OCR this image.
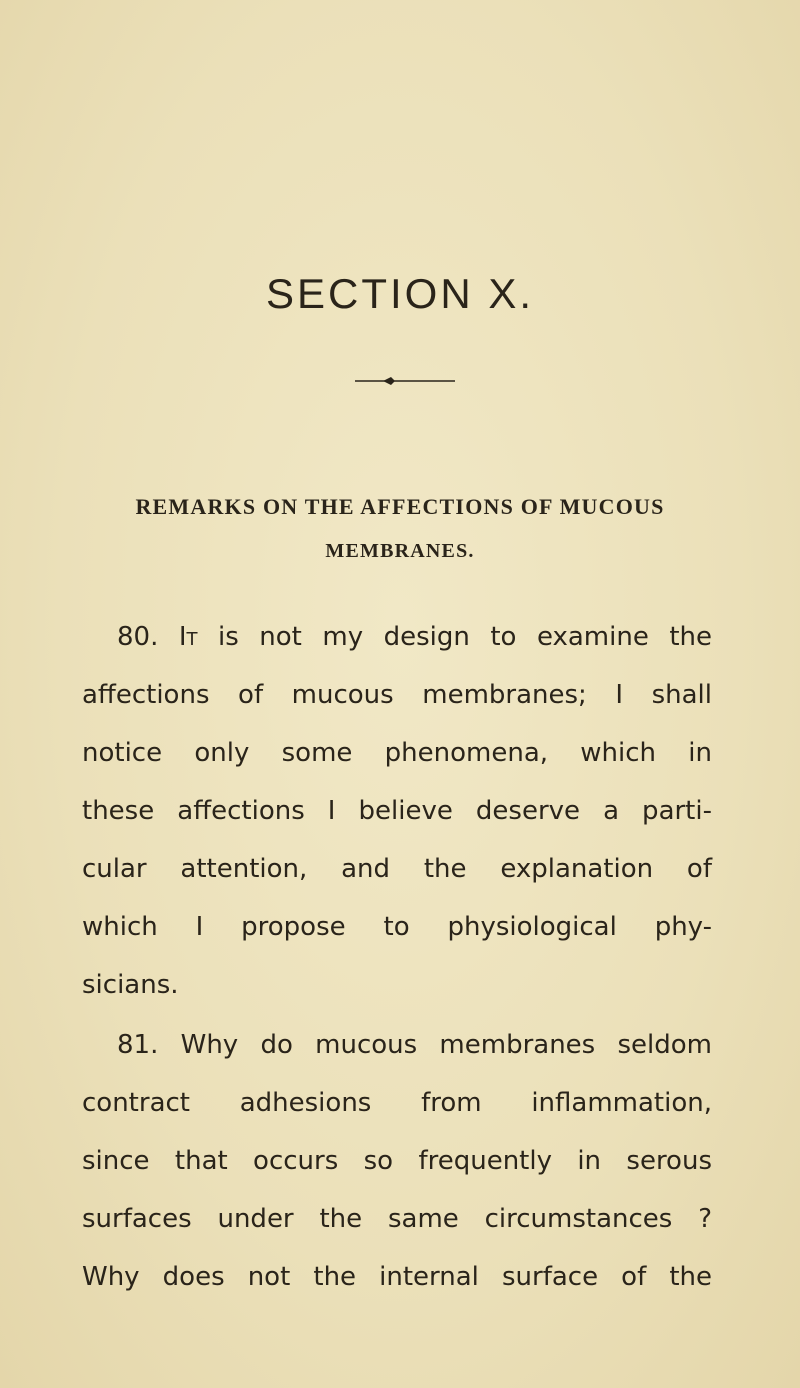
SECTION X.
REMARKS ON THE AFFECTIONS OF MUCOUS
MEMBRANES.
80. It is not my design to examine the
affections of mucous membranes; I shall
notice only some phenomena, which in
these affections I believe deserve a parti-
cular attention, and the explanation of
which I propose to physiological phy-
sicians.
81. Why do mucous membranes seldom
contract adhesions from inflammation,
since that occurs so frequently in serous
surfaces under the same circumstances ?
Why does not the internal surface of the
